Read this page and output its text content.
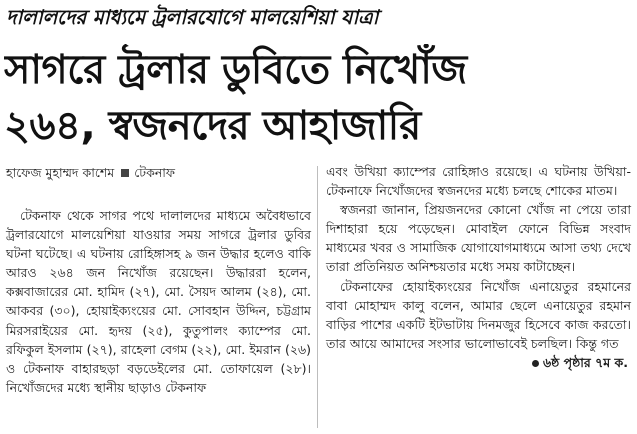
দালালদের মাধ্যমে ট্রলারযোগে মালয়েশিয়া যাত্রা
সাগরে ট্রলার ডুবিতে নিখোঁজ
২৬৪, স্বজনদের আহাজারি
হাফেজ মুহাম্মদ কাশেম টেকনাফ

টেকনাফ থেকে সাগর পথে দালালদের মাধ্যমে অবৈধভাবে ট্রলারযোগে মালয়েশিয়া যাওয়ার সময় সাগরে ট্রলার ডুবির ঘটনা ঘটেছে। এ ঘটনায় রোহিঙ্গাসহ ৯ জন উদ্ধার হলেও বাকি আরও ২৬৪ জন নিখোঁজ রয়েছেন। উদ্ধাররা হলেন, কক্সবাজারের মো. হামিদ (২৭), মো. সৈয়দ আলম (২৪), মো. আকবর (৩০), হোয়াইক্যংয়ের মো. সোবহান উদ্দিন, চট্টগ্রাম মিরসরাইয়ের মো. হৃদয় (২৫), কুতুপালং ক্যাম্পের মো. রফিকুল ইসলাম (২৭), রাহেলা বেগম (২২), মো. ইমরান (২৬) ও টেকনাফ বাহারছড়া বড়ডেইলের মো. তোফায়েল (২৮)। নিখোঁজদের মধ্যে স্থানীয় ছাড়াও টেকনাফ

এবং উখিয়া ক্যাম্পের রোহিঙ্গাও রয়েছে। এ ঘটনায় উখিয়া-টেকনাফে নিখোঁজদের স্বজনদের মধ্যে চলছে শোকের মাতম।

স্বজনরা জানান, প্রিয়জনদের কোনো খোঁজ না পেয়ে তারা দিশাহারা হয়ে পড়েছেন। মোবাইল ফোনে বিভিন্ন সংবাদ মাধ্যমের খবর ও সামাজিক যোগাযোগমাধ্যমে আসা তথ্য দেখে তারা প্রতিনিয়ত অনিশ্চয়তার মধ্যে সময় কাটাচ্ছেন।

টেকনাফের হোয়াইক্যংয়ের নিখোঁজ এনায়েতুর রহমানের বাবা মোহাম্মদ কালু বলেন, আমার ছেলে এনায়েতুর রহমান বাড়ির পাশের একটি ইটভাটায় দিনমজুর হিসেবে কাজ করতো। তার আয়ে আমাদের সংসার ভালোভাবেই চলছিল। কিন্তু গত

৬ষ্ঠ পৃষ্ঠার ৭ম ক.
